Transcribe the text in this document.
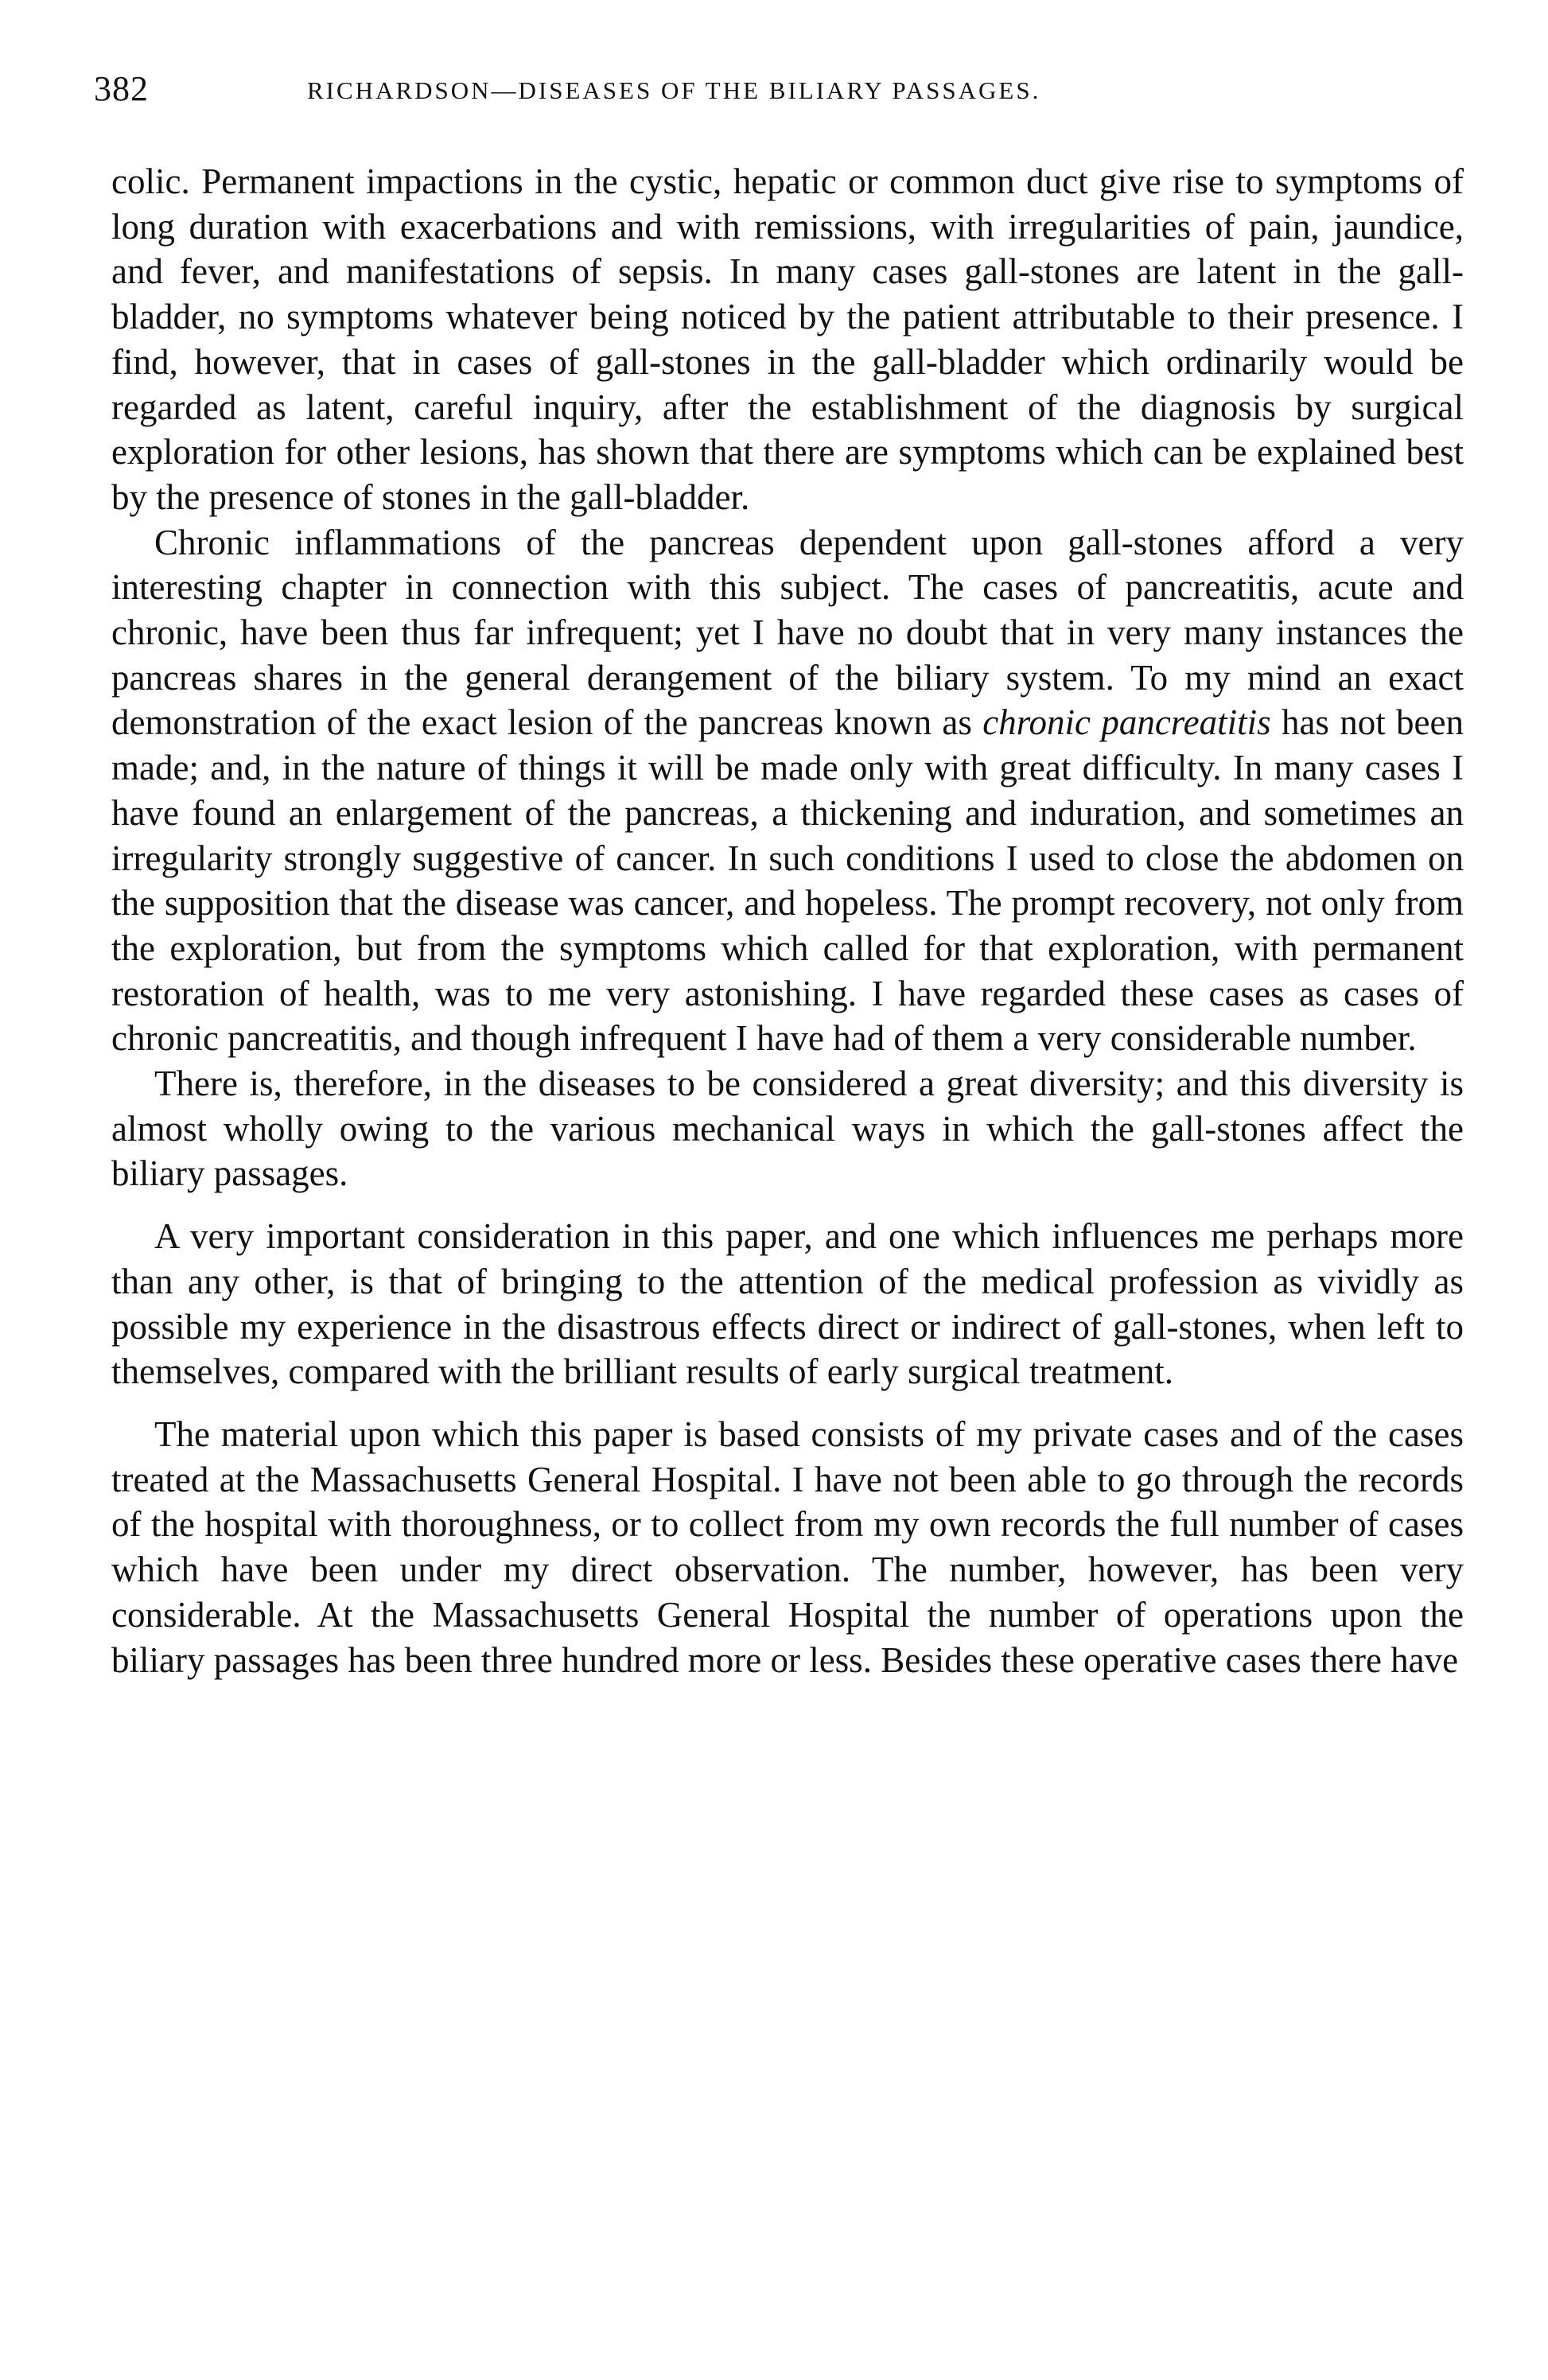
382	RICHARDSON—DISEASES OF THE BILIARY PASSAGES.

colic. Permanent impactions in the cystic, hepatic or common duct give rise to symptoms of long duration with exacerbations and with remissions, with irregularities of pain, jaundice, and fever, and manifestations of sepsis. In many cases gall-stones are latent in the gall-bladder, no symptoms whatever being noticed by the patient attributable to their presence. I find, however, that in cases of gall-stones in the gall-bladder which ordinarily would be regarded as latent, careful inquiry, after the establishment of the diagnosis by surgical exploration for other lesions, has shown that there are symptoms which can be explained best by the presence of stones in the gall-bladder.

Chronic inflammations of the pancreas dependent upon gall-stones afford a very interesting chapter in connection with this subject. The cases of pancreatitis, acute and chronic, have been thus far infrequent; yet I have no doubt that in very many instances the pancreas shares in the general derangement of the biliary system. To my mind an exact demonstration of the exact lesion of the pancreas known as chronic pancreatitis has not been made; and, in the nature of things it will be made only with great difficulty. In many cases I have found an enlargement of the pancreas, a thickening and induration, and sometimes an irregularity strongly suggestive of cancer. In such conditions I used to close the abdomen on the supposition that the disease was cancer, and hopeless. The prompt recovery, not only from the exploration, but from the symptoms which called for that exploration, with permanent restoration of health, was to me very astonishing. I have regarded these cases as cases of chronic pancreatitis, and though infrequent I have had of them a very considerable number.

There is, therefore, in the diseases to be considered a great diversity; and this diversity is almost wholly owing to the various mechanical ways in which the gall-stones affect the biliary passages.

A very important consideration in this paper, and one which influences me perhaps more than any other, is that of bringing to the attention of the medical profession as vividly as possible my experience in the disastrous effects direct or indirect of gall-stones, when left to themselves, compared with the brilliant results of early surgical treatment.

The material upon which this paper is based consists of my private cases and of the cases treated at the Massachusetts General Hospital. I have not been able to go through the records of the hospital with thoroughness, or to collect from my own records the full number of cases which have been under my direct observation. The number, however, has been very considerable. At the Massachusetts General Hospital the number of operations upon the biliary passages has been three hundred more or less. Besides these operative cases there have
